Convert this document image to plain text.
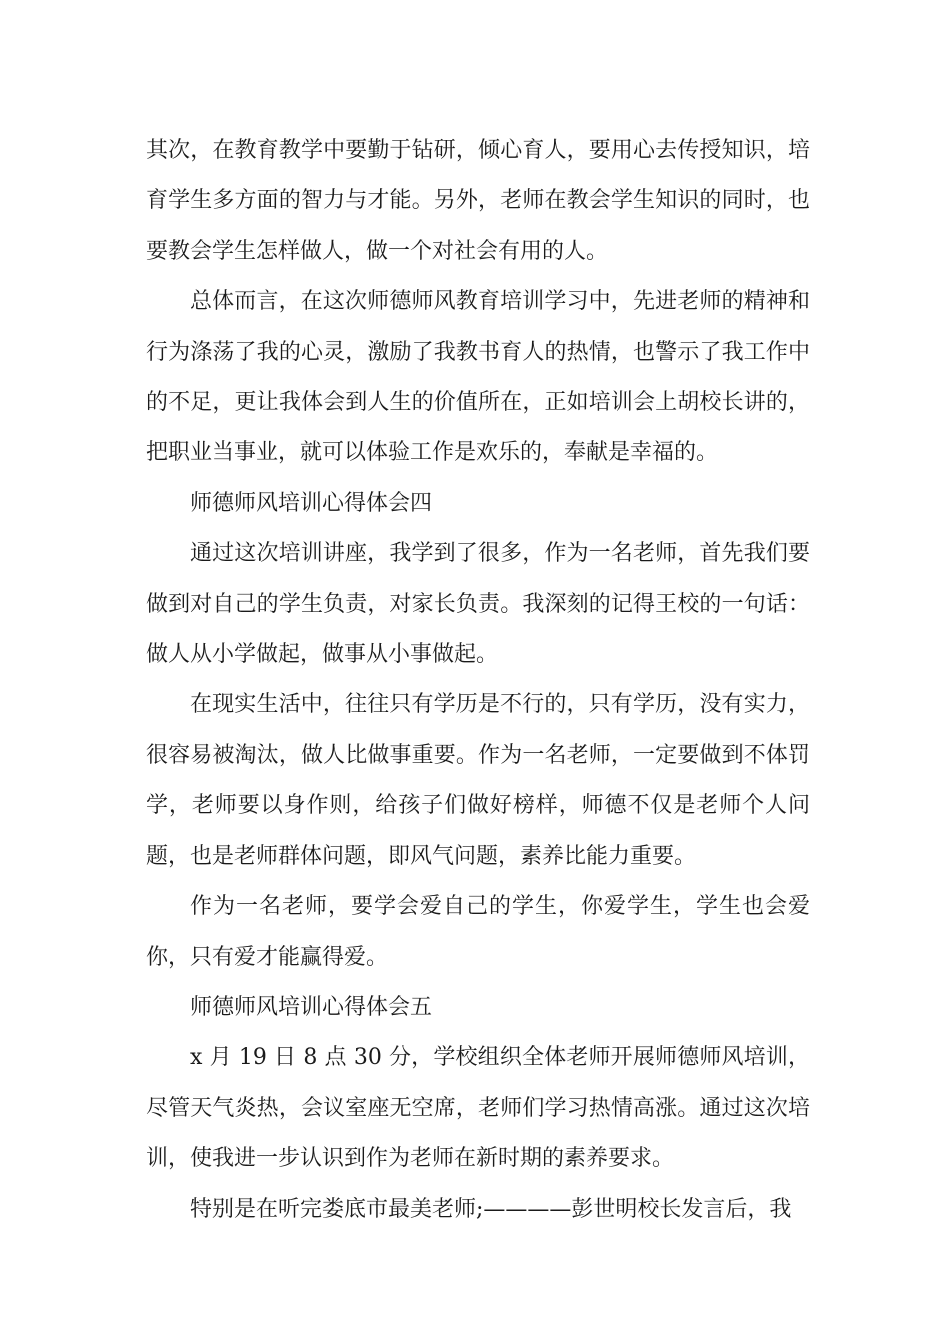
其次，在教育教学中要勤于钻研，倾心育人，要用心去传授知识，培育学生多方面的智力与才能。另外，老师在教会学生知识的同时，也要教会学生怎样做人，做一个对社会有用的人。

总体而言，在这次师德师风教育培训学习中，先进老师的精神和行为涤荡了我的心灵，激励了我教书育人的热情，也警示了我工作中的不足，更让我体会到人生的价值所在，正如培训会上胡校长讲的，把职业当事业，就可以体验工作是欢乐的，奉献是幸福的。

师德师风培训心得体会四

通过这次培训讲座，我学到了很多，作为一名老师，首先我们要做到对自己的学生负责，对家长负责。我深刻的记得王校的一句话：做人从小学做起，做事从小事做起。

在现实生活中，往往只有学历是不行的，只有学历，没有实力，很容易被淘汰，做人比做事重要。作为一名老师，一定要做到不体罚学，老师要以身作则，给孩子们做好榜样，师德不仅是老师个人问题，也是老师群体问题，即风气问题，素养比能力重要。

作为一名老师，要学会爱自己的学生，你爱学生，学生也会爱你，只有爱才能赢得爱。

师德师风培训心得体会五

x 月 19 日 8 点 30 分，学校组织全体老师开展师德师风培训，尽管天气炎热，会议室座无空席，老师们学习热情高涨。通过这次培训，使我进一步认识到作为老师在新时期的素养要求。

特别是在听完娄底市最美老师;————彭世明校长发言后，我
